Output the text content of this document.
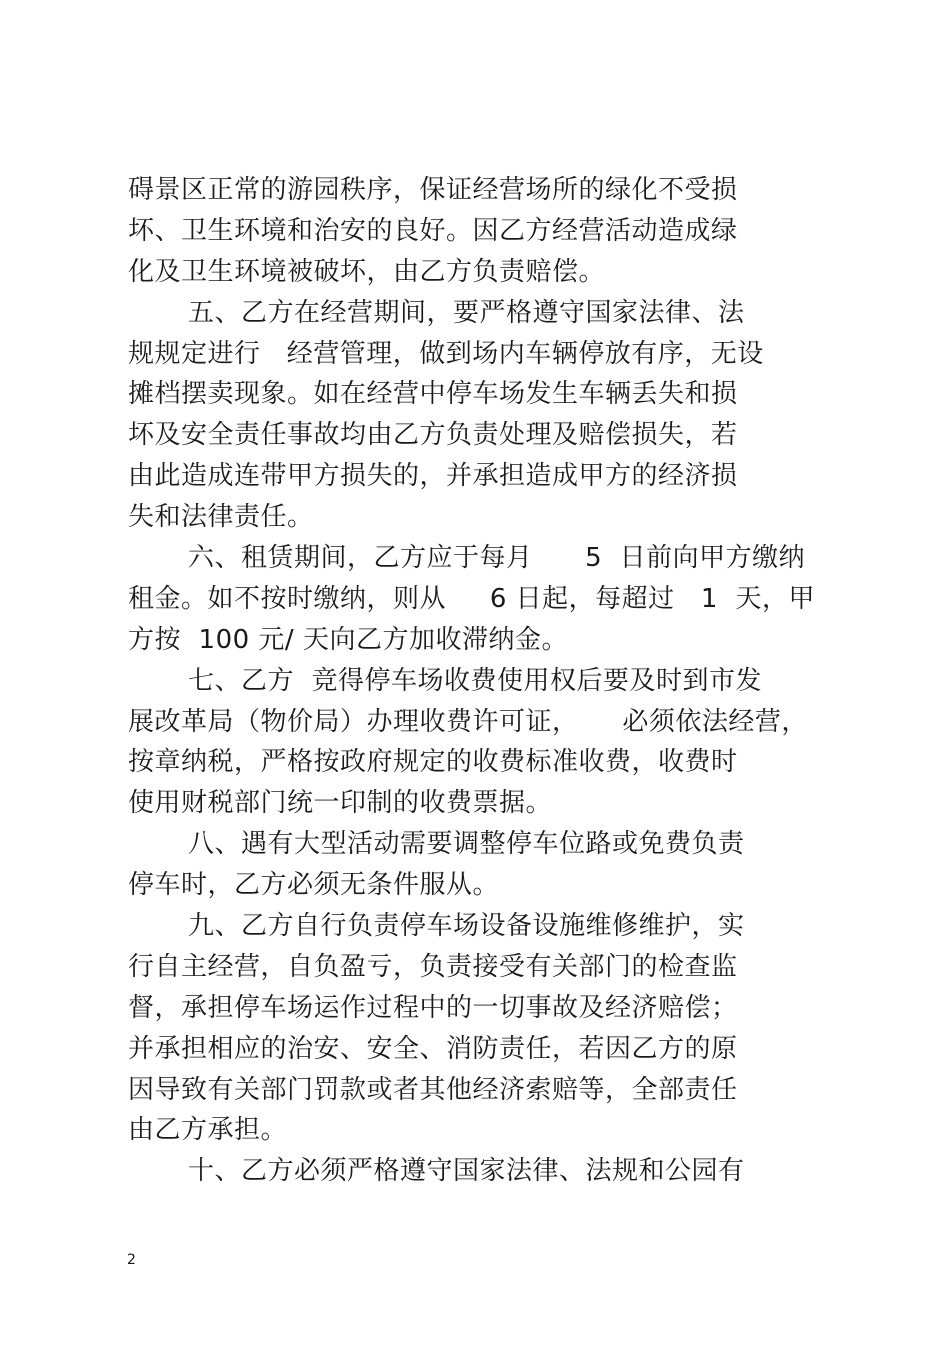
碍景区正常的游园秩序，保证经营场所的绿化不受损
坏、卫生环境和治安的良好。因乙方经营活动造成绿
化及卫生环境被破坏，由乙方负责赔偿。
五、乙方在经营期间，要严格遵守国家法律、法
规规定进行   经营管理，做到场内车辆停放有序，无设
摊档摆卖现象。如在经营中停车场发生车辆丢失和损
坏及安全责任事故均由乙方负责处理及赔偿损失，若
由此造成连带甲方损失的，并承担造成甲方的经济损
失和法律责任。
六、租赁期间，乙方应于每月      5  日前向甲方缴纳
租金。如不按时缴纳，则从     6 日起，每超过   1  天，甲
方按  100 元/ 天向乙方加收滞纳金。
七、乙方  竞得停车场收费使用权后要及时到市发
展改革局（物价局）办理收费许可证，     必须依法经营，
按章纳税，严格按政府规定的收费标准收费，收费时
使用财税部门统一印制的收费票据。
八、遇有大型活动需要调整停车位路或免费负责
停车时，乙方必须无条件服从。
九、乙方自行负责停车场设备设施维修维护，实
行自主经营，自负盈亏，负责接受有关部门的检查监
督，承担停车场运作过程中的一切事故及经济赔偿；
并承担相应的治安、安全、消防责任，若因乙方的原
因导致有关部门罚款或者其他经济索赔等，全部责任
由乙方承担。
十、乙方必须严格遵守国家法律、法规和公园有
2
